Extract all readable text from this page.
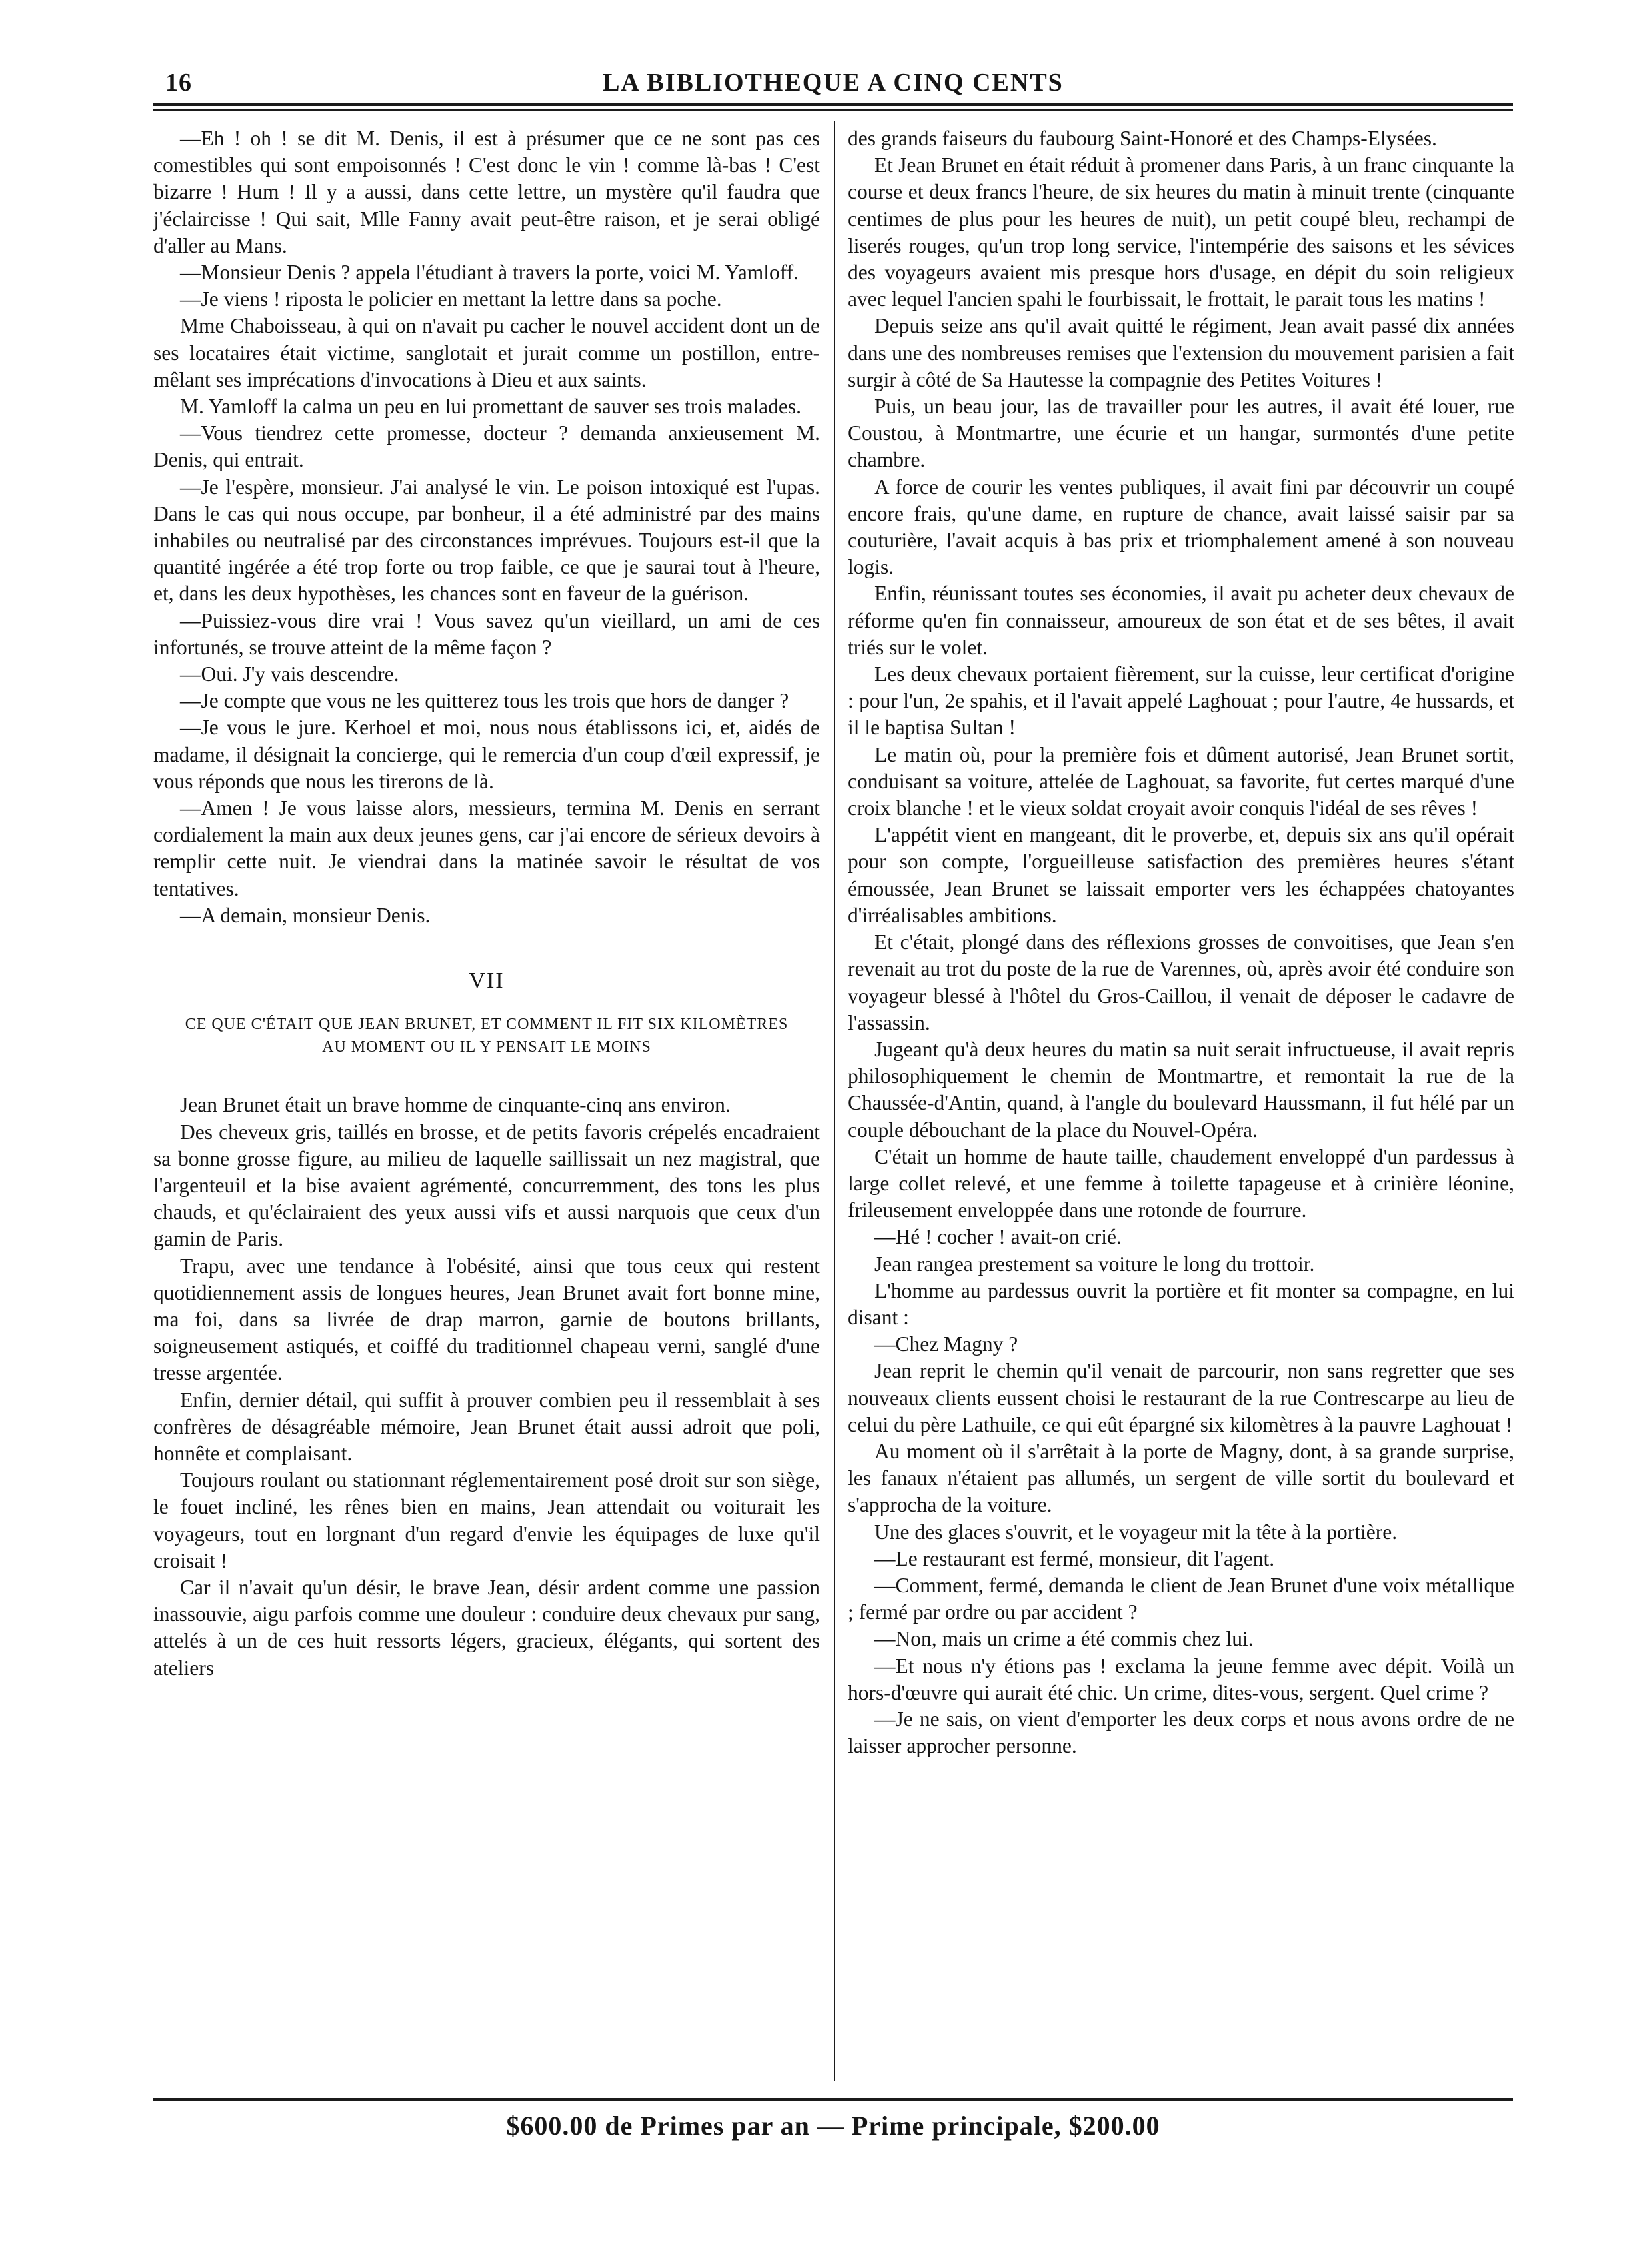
16	LA BIBLIOTHEQUE A CINQ CENTS

—Eh ! oh ! se dit M. Denis, il est à présumer que ce ne sont pas ces comestibles qui sont empoisonnés ! C'est donc le vin ! comme là-bas ! C'est bizarre ! Hum ! Il y a aussi, dans cette lettre, un mystère qu'il faudra que j'éclaircisse ! Qui sait, Mlle Fanny avait peut-être raison, et je serai obligé d'aller au Mans.

—Monsieur Denis ? appela l'étudiant à travers la porte, voici M. Yamloff.

—Je viens ! riposta le policier en mettant la lettre dans sa poche.

Mme Chaboisseau, à qui on n'avait pu cacher le nouvel accident dont un de ses locataires était victime, sanglotait et jurait comme un postillon, entre-mêlant ses imprécations d'invocations à Dieu et aux saints.

M. Yamloff la calma un peu en lui promettant de sauver ses trois malades.

—Vous tiendrez cette promesse, docteur ? demanda anxieusement M. Denis, qui entrait.

—Je l'espère, monsieur. J'ai analysé le vin. Le poison intoxiqué est l'upas. Dans le cas qui nous occupe, par bonheur, il a été administré par des mains inhabiles ou neutralisé par des circonstances imprévues. Toujours est-il que la quantité ingérée a été trop forte ou trop faible, ce que je saurai tout à l'heure, et, dans les deux hypothèses, les chances sont en faveur de la guérison.

—Puissiez-vous dire vrai ! Vous savez qu'un vieillard, un ami de ces infortunés, se trouve atteint de la même façon ?

—Oui. J'y vais descendre.

—Je compte que vous ne les quitterez tous les trois que hors de danger ?

—Je vous le jure. Kerhoel et moi, nous nous établissons ici, et, aidés de madame, il désignait la concierge, qui le remercia d'un coup d'œil expressif, je vous réponds que nous les tirerons de là.

—Amen ! Je vous laisse alors, messieurs, termina M. Denis en serrant cordialement la main aux deux jeunes gens, car j'ai encore de sérieux devoirs à remplir cette nuit. Je viendrai dans la matinée savoir le résultat de vos tentatives.

—A demain, monsieur Denis.

VII
CE QUE C'ÉTAIT QUE JEAN BRUNET, ET COMMENT IL FIT SIX KILOMÈTRES AU MOMENT OU IL Y PENSAIT LE MOINS

Jean Brunet était un brave homme de cinquante-cinq ans environ.

Des cheveux gris, taillés en brosse, et de petits favoris crépelés encadraient sa bonne grosse figure, au milieu de laquelle saillissait un nez magistral, que l'argenteuil et la bise avaient agrémenté, concurremment, des tons les plus chauds, et qu'éclairaient des yeux aussi vifs et aussi narquois que ceux d'un gamin de Paris.

Trapu, avec une tendance à l'obésité, ainsi que tous ceux qui restent quotidiennement assis de longues heures, Jean Brunet avait fort bonne mine, ma foi, dans sa livrée de drap marron, garnie de boutons brillants, soigneusement astiqués, et coiffé du traditionnel chapeau verni, sanglé d'une tresse argentée.

Enfin, dernier détail, qui suffit à prouver combien peu il ressemblait à ses confrères de désagréable mémoire, Jean Brunet était aussi adroit que poli, honnête et complaisant.

Toujours roulant ou stationnant réglementairement posé droit sur son siège, le fouet incliné, les rênes bien en mains, Jean attendait ou voiturait les voyageurs, tout en lorgnant d'un regard d'envie les équipages de luxe qu'il croisait !

Car il n'avait qu'un désir, le brave Jean, désir ardent comme une passion inassouvie, aigu parfois comme une douleur : conduire deux chevaux pur sang, attelés à un de ces huit ressorts légers, gracieux, élégants, qui sortent des ateliers

des grands faiseurs du faubourg Saint-Honoré et des Champs-Elysées.

Et Jean Brunet en était réduit à promener dans Paris, à un franc cinquante la course et deux francs l'heure, de six heures du matin à minuit trente (cinquante centimes de plus pour les heures de nuit), un petit coupé bleu, rechampi de liserés rouges, qu'un trop long service, l'intempérie des saisons et les sévices des voyageurs avaient mis presque hors d'usage, en dépit du soin religieux avec lequel l'ancien spahi le fourbissait, le frottait, le parait tous les matins !

Depuis seize ans qu'il avait quitté le régiment, Jean avait passé dix années dans une des nombreuses remises que l'extension du mouvement parisien a fait surgir à côté de Sa Hautesse la compagnie des Petites Voitures !

Puis, un beau jour, las de travailler pour les autres, il avait été louer, rue Coustou, à Montmartre, une écurie et un hangar, surmontés d'une petite chambre.

A force de courir les ventes publiques, il avait fini par découvrir un coupé encore frais, qu'une dame, en rupture de chance, avait laissé saisir par sa couturière, l'avait acquis à bas prix et triomphalement amené à son nouveau logis.

Enfin, réunissant toutes ses économies, il avait pu acheter deux chevaux de réforme qu'en fin connaisseur, amoureux de son état et de ses bêtes, il avait triés sur le volet.

Les deux chevaux portaient fièrement, sur la cuisse, leur certificat d'origine : pour l'un, 2e spahis, et il l'avait appelé Laghouat ; pour l'autre, 4e hussards, et il le baptisa Sultan !

Le matin où, pour la première fois et dûment autorisé, Jean Brunet sortit, conduisant sa voiture, attelée de Laghouat, sa favorite, fut certes marqué d'une croix blanche ! et le vieux soldat croyait avoir conquis l'idéal de ses rêves !

L'appétit vient en mangeant, dit le proverbe, et, depuis six ans qu'il opérait pour son compte, l'orgueilleuse satisfaction des premières heures s'étant émoussée, Jean Brunet se laissait emporter vers les échappées chatoyantes d'irréalisables ambitions.

Et c'était, plongé dans des réflexions grosses de convoitises, que Jean s'en revenait au trot du poste de la rue de Varennes, où, après avoir été conduire son voyageur blessé à l'hôtel du Gros-Caillou, il venait de déposer le cadavre de l'assassin.

Jugeant qu'à deux heures du matin sa nuit serait infructueuse, il avait repris philosophiquement le chemin de Montmartre, et remontait la rue de la Chaussée-d'Antin, quand, à l'angle du boulevard Haussmann, il fut hélé par un couple débouchant de la place du Nouvel-Opéra.

C'était un homme de haute taille, chaudement enveloppé d'un pardessus à large collet relevé, et une femme à toilette tapageuse et à crinière léonine, frileusement enveloppée dans une rotonde de fourrure.

—Hé ! cocher ! avait-on crié.

Jean rangea prestement sa voiture le long du trottoir.

L'homme au pardessus ouvrit la portière et fit monter sa compagne, en lui disant :

—Chez Magny ?

Jean reprit le chemin qu'il venait de parcourir, non sans regretter que ses nouveaux clients eussent choisi le restaurant de la rue Contrescarpe au lieu de celui du père Lathuile, ce qui eût épargné six kilomètres à la pauvre Laghouat !

Au moment où il s'arrêtait à la porte de Magny, dont, à sa grande surprise, les fanaux n'étaient pas allumés, un sergent de ville sortit du boulevard et s'approcha de la voiture.

Une des glaces s'ouvrit, et le voyageur mit la tête à la portière.

—Le restaurant est fermé, monsieur, dit l'agent.

—Comment, fermé, demanda le client de Jean Brunet d'une voix métallique ; fermé par ordre ou par accident ?

—Non, mais un crime a été commis chez lui.

—Et nous n'y étions pas ! exclama la jeune femme avec dépit. Voilà un hors-d'œuvre qui aurait été chic. Un crime, dites-vous, sergent. Quel crime ?

—Je ne sais, on vient d'emporter les deux corps et nous avons ordre de ne laisser approcher personne.

$600.00 de Primes par an — Prime principale, $200.00
